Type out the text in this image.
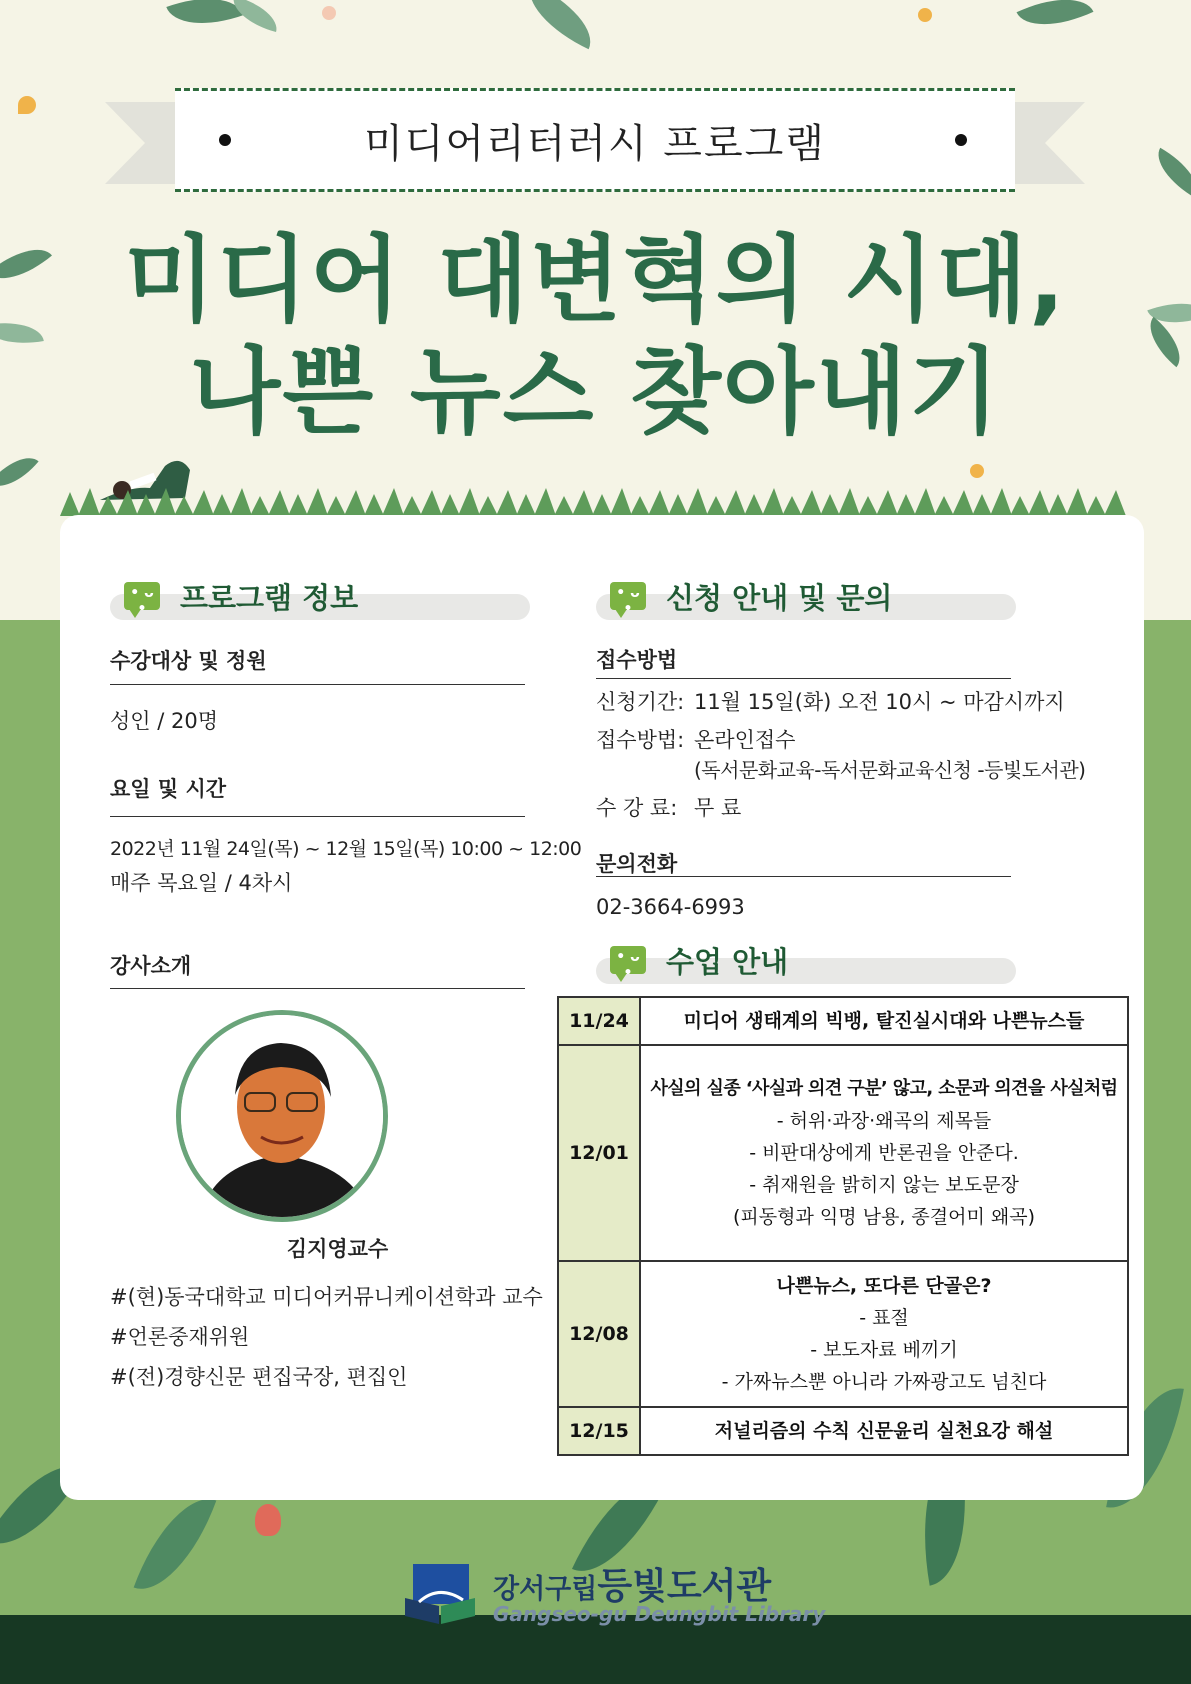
미디어리터러시 프로그램
미디어 대변혁의 시대,
나쁜 뉴스 찾아내기
• ᴗ •	프로그램 정보
수강대상 및 정원
성인 / 20명
요일 및 시간
2022년 11월 24일(목) ~ 12월 15일(목) 10:00 ~ 12:00
매주 목요일 / 4차시
강사소개
김지영교수
#(현)동국대학교 미디어커뮤니케이션학과 교수
#언론중재위원
#(전)경향신문 편집국장, 편집인
• ᴗ •	신청 안내 및 문의
접수방법
신청기간: 11월 15일(화) 오전 10시 ~ 마감시까지
접수방법: 온라인접수
(독서문화교육-독서문화교육신청 -등빛도서관)
수 강 료: 무 료
문의전화
02-3664-6993
• ᴗ •	수업 안내
11/24	미디어 생태계의 빅뱅, 탈진실시대와 나쁜뉴스들

12/01	사실의 실종 ‘사실과 의견 구분’ 않고, 소문과 의견을 사실처럼
- 허위·과장·왜곡의 제목들
- 비판대상에게 반론권을 안준다.
- 취재원을 밝히지 않는 보도문장
(피동형과 익명 남용, 종결어미 왜곡)

12/08	나쁜뉴스, 또다른 단골은?
- 표절
- 보도자료 베끼기
- 가짜뉴스뿐 아니라 가짜광고도 넘친다

12/15	저널리즘의 수칙 신문윤리 실천요강 해설
강서구립등빛도서관
Gangseo-gu Deungbit Library
